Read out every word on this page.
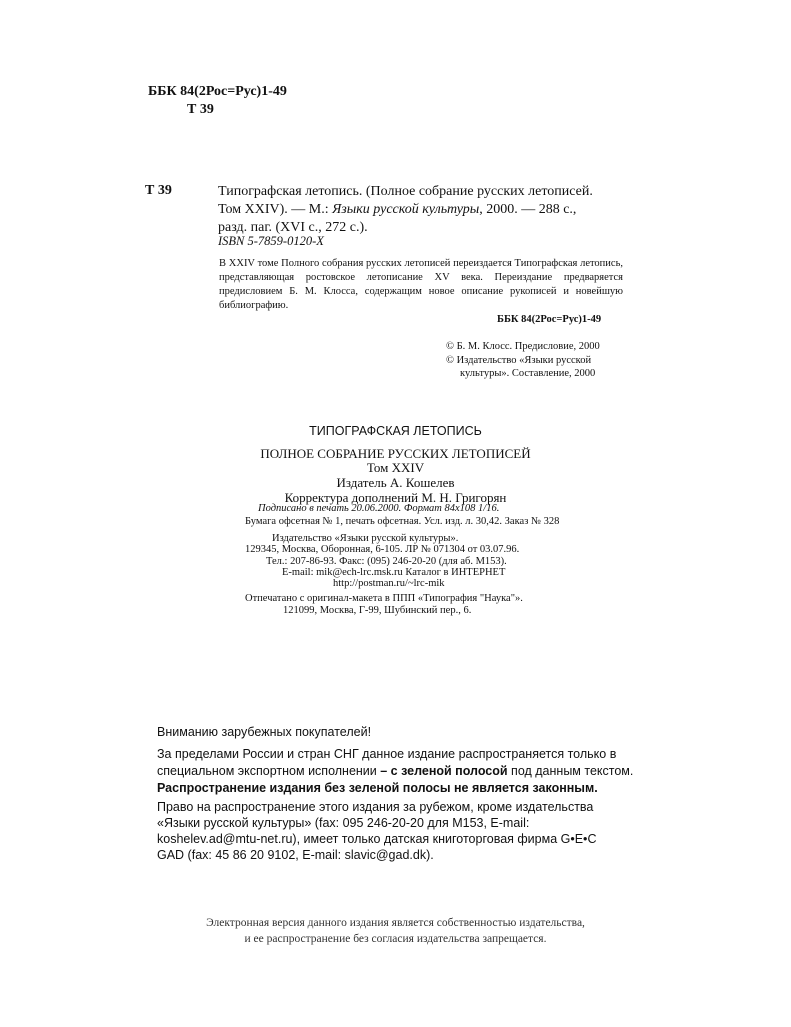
ББК 84(2Рос=Рус)1-49
Т 39
Т 39	Типографская летопись. (Полное собрание русских летописей.
Том XXIV). — М.: Языки русской культуры, 2000. — 288 с.,
разд. паг. (XVI с., 272 с.).
ISBN 5-7859-0120-X
В XXIV томе Полного собрания русских летописей переиздается Типографская летопись, представляющая ростовское летописание XV века. Переиздание предваряется предисловием Б. М. Клосса, содержащим новое описание рукописей и новейшую библиографию.
ББК 84(2Рос=Рус)1-49
© Б. М. Клосс. Предисловие, 2000
© Издательство «Языки русской
культуры». Составление, 2000
ТИПОГРАФСКАЯ ЛЕТОПИСЬ
ПОЛНОЕ СОБРАНИЕ РУССКИХ ЛЕТОПИСЕЙ
Том XXIV
Издатель А. Кошелев
Корректура дополнений М. Н. Григорян
Подписано в печать 20.06.2000. Формат 84х108 1/16.
Бумага офсетная № 1, печать офсетная. Усл. изд. л. 30,42. Заказ № 328
Издательство «Языки русской культуры».
129345, Москва, Оборонная, 6-105. ЛР № 071304 от 03.07.96.
Тел.: 207-86-93. Факс: (095) 246-20-20 (для аб. М153).
E-mail: mik@ech-lrc.msk.ru Каталог в ИНТЕРНЕТ
http://postman.ru/~lrc-mik
Отпечатано с оригинал-макета в ППП «Типография "Наука"».
121099, Москва, Г-99, Шубинский пер., 6.
Вниманию зарубежных покупателей!
За пределами России и стран СНГ данное издание распространяется только в
специальном экспортном исполнении – с зеленой полосой под данным текстом.
Распространение издания без зеленой полосы не является законным.
Право на распространение этого издания за рубежом, кроме издательства
«Языки русской культуры» (fax: 095 246-20-20 для M153, E-mail:
koshelev.ad@mtu-net.ru), имеет только датская книготорговая фирма G•E•C
GAD (fax: 45 86 20 9102, E-mail: slavic@gad.dk).
Электронная версия данного издания является собственностью издательства,
и ее распространение без согласия издательства запрещается.
